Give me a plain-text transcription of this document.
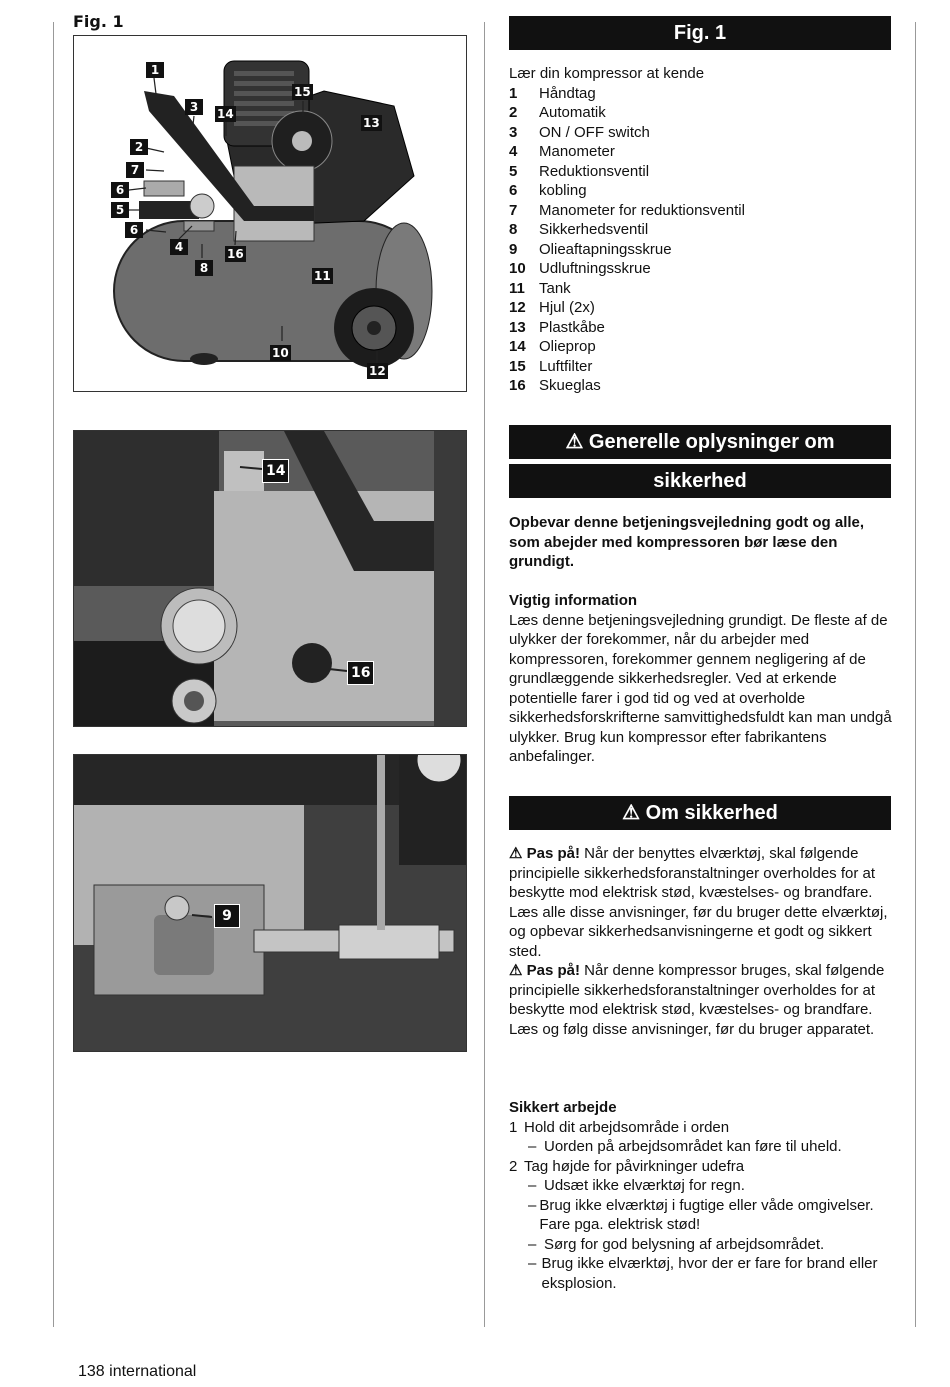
Fig. 1
1
3	14
15
13
2
7
6
5
6
4
8
16
11
10
12
14
16
9
Fig. 1
Lær din kompressor at kende
1	Håndtag
2	Automatik
3	ON / OFF switch
4	Manometer
5	Reduktionsventil
6	kobling
7	Manometer for reduktionsventil
8	Sikkerhedsventil
9	Olieaftapningsskrue
10 Udluftningsskrue
11 Tank
12 Hjul (2x)
13 Plastkåbe
14 Olieprop
15 Luftfilter
16 Skueglas
⚠ Generelle oplysninger om
sikkerhed
Opbevar denne betjeningsvejledning godt og alle, som abejder med kompressoren bør læse den grundigt.
Vigtig information
Læs denne betjeningsvejledning grundigt. De fleste af de ulykker der forekommer, når du arbejder med kompressoren, forekommer gennem negligering af de grundlæggende sikkerhedsregler. Ved at erkende potentielle farer i god tid og ved at overholde sikkerhedsforskrifterne samvittighedsfuldt kan man undgå ulykker. Brug kun kompressor efter fabrikantens anbefalinger.
⚠ Om sikkerhed
⚠ Pas på! Når der benyttes elværktøj, skal følgende principielle sikkerhedsforanstaltninger overholdes for at beskytte mod elektrisk stød, kvæstelses- og brandfare. Læs alle disse anvisninger, før du bruger dette elværktøj, og opbevar sikkerhedsanvisningerne et godt og sikkert sted.
⚠ Pas på! Når denne kompressor bruges, skal følgende principielle sikkerhedsforanstaltninger overholdes for at beskytte mod elektrisk stød, kvæstelses- og brandfare.
Læs og følg disse anvisninger, før du bruger apparatet.
Sikkert arbejde
1 Hold dit arbejdsområde i orden
– Uorden på arbejdsområdet kan føre til uheld.
2 Tag højde for påvirkninger udefra
– Udsæt ikke elværktøj for regn.
– Brug ikke elværktøj i fugtige eller våde omgivelser. Fare pga. elektrisk stød!
– Sørg for god belysning af arbejdsområdet.
– Brug ikke elværktøj, hvor der er fare for brand eller eksplosion.
138 international
